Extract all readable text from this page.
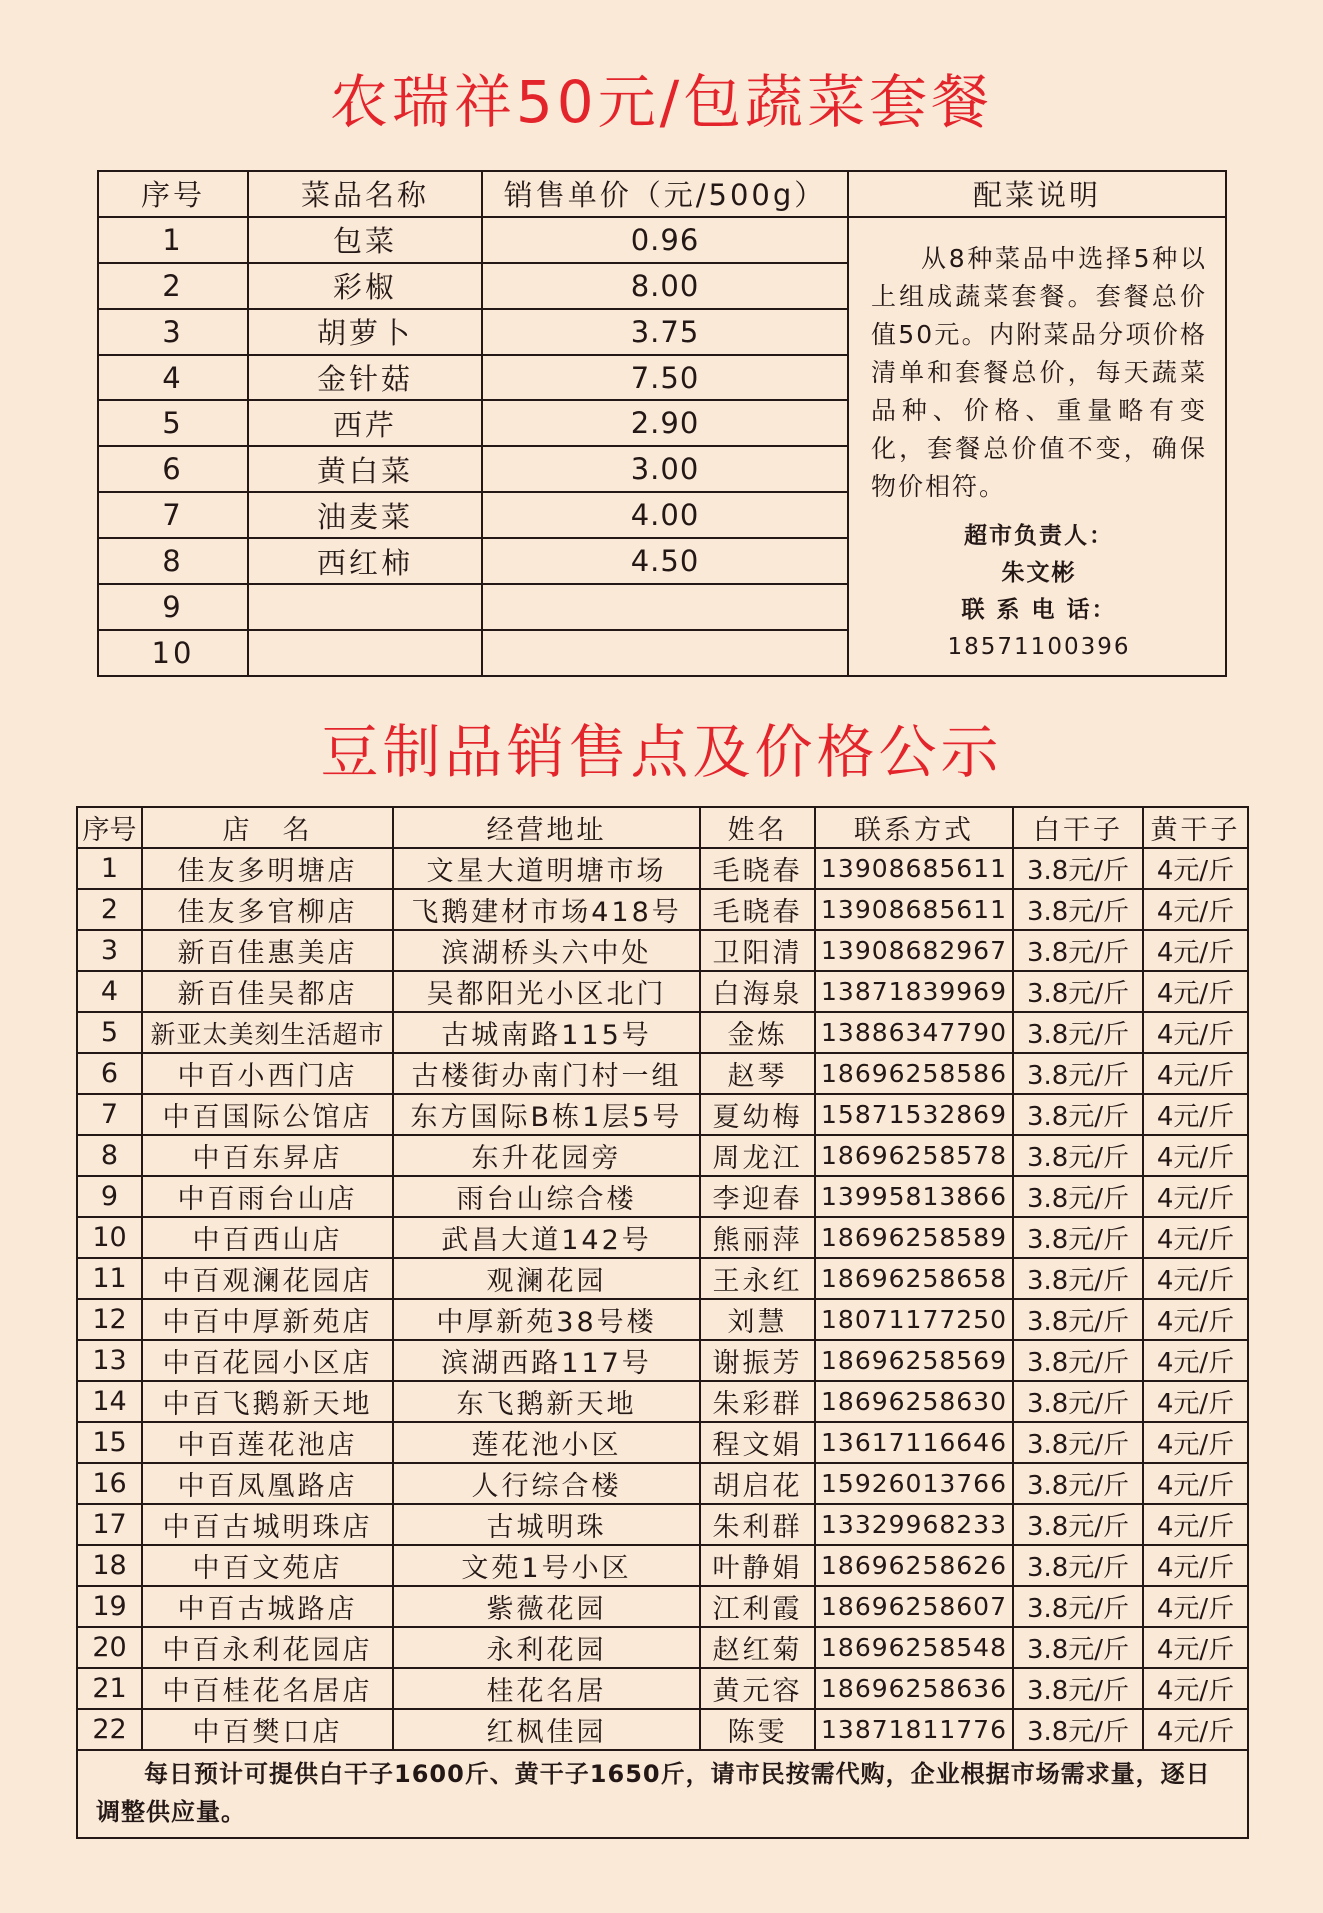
农瑞祥50元/包蔬菜套餐
序号	菜品名称	销售单价（元/500g）	配菜说明
1	包菜	0.96	从8种菜品中选择5种以上组成蔬菜套餐。套餐总价值50元。内附菜品分项价格清单和套餐总价，每天蔬菜品种、价格、重量略有变化，套餐总价值不变，确保物价相符。
超市负责人：
朱文彬
联 系 电 话：
18571100396

2	彩椒	8.00	
3	胡萝卜	3.75	
4	金针菇	7.50	
5	西芹	2.90	
6	黄白菜	3.00	
7	油麦菜	4.00	
8	西红柿	4.50	
9			
10			
豆制品销售点及价格公示
序号	店　名	经营地址	姓名	联系方式	白干子	黄干子
1	佳友多明塘店	文星大道明塘市场	毛晓春	13908685611	3.8元/斤	4元/斤
2	佳友多官柳店	飞鹅建材市场418号	毛晓春	13908685611	3.8元/斤	4元/斤
3	新百佳惠美店	滨湖桥头六中处	卫阳清	13908682967	3.8元/斤	4元/斤
4	新百佳吴都店	吴都阳光小区北门	白海泉	13871839969	3.8元/斤	4元/斤
5	新亚太美刻生活超市	古城南路115号	金炼	13886347790	3.8元/斤	4元/斤
6	中百小西门店	古楼街办南门村一组	赵琴	18696258586	3.8元/斤	4元/斤
7	中百国际公馆店	东方国际B栋1层5号	夏幼梅	15871532869	3.8元/斤	4元/斤
8	中百东昇店	东升花园旁	周龙江	18696258578	3.8元/斤	4元/斤
9	中百雨台山店	雨台山综合楼	李迎春	13995813866	3.8元/斤	4元/斤
10	中百西山店	武昌大道142号	熊丽萍	18696258589	3.8元/斤	4元/斤
11	中百观澜花园店	观澜花园	王永红	18696258658	3.8元/斤	4元/斤
12	中百中厚新苑店	中厚新苑38号楼	刘慧	18071177250	3.8元/斤	4元/斤
13	中百花园小区店	滨湖西路117号	谢振芳	18696258569	3.8元/斤	4元/斤
14	中百飞鹅新天地	东飞鹅新天地	朱彩群	18696258630	3.8元/斤	4元/斤
15	中百莲花池店	莲花池小区	程文娟	13617116646	3.8元/斤	4元/斤
16	中百凤凰路店	人行综合楼	胡启花	15926013766	3.8元/斤	4元/斤
17	中百古城明珠店	古城明珠	朱利群	13329968233	3.8元/斤	4元/斤
18	中百文苑店	文苑1号小区	叶静娟	18696258626	3.8元/斤	4元/斤
19	中百古城路店	紫薇花园	江利霞	18696258607	3.8元/斤	4元/斤
20	中百永利花园店	永利花园	赵红菊	18696258548	3.8元/斤	4元/斤
21	中百桂花名居店	桂花名居	黄元容	18696258636	3.8元/斤	4元/斤
22	中百樊口店	红枫佳园	陈雯	13871811776	3.8元/斤	4元/斤

每日预计可提供白干子1600斤、黄干子1650斤，请市民按需代购，企业根据市场需求量，逐日调整供应量。						
